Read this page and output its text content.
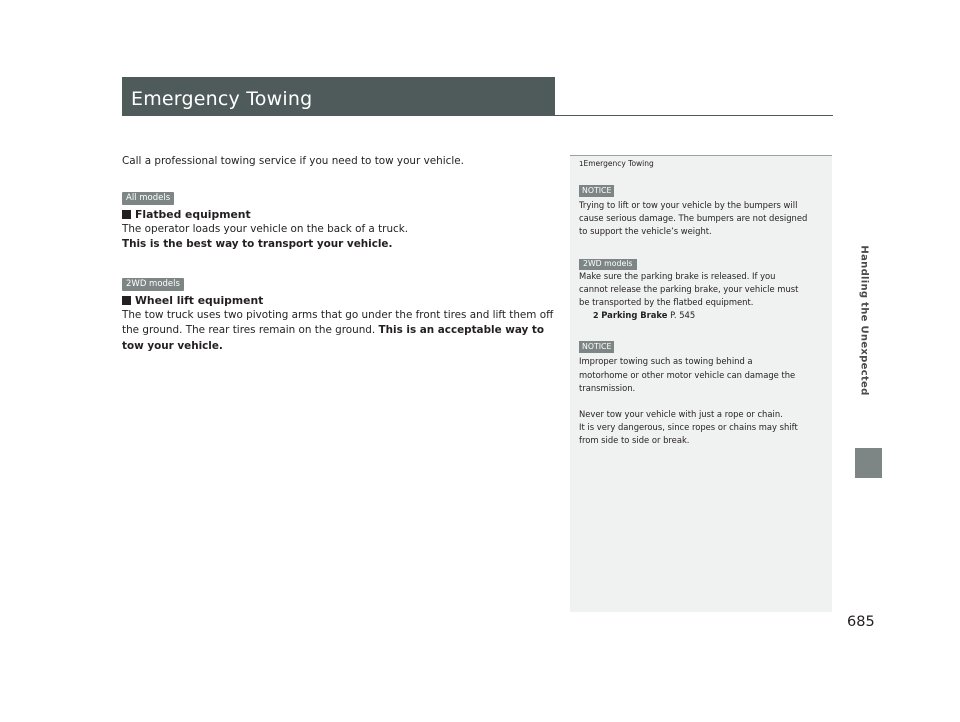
Emergency Towing
Handling the Unexpected

Call a professional towing service if you need to tow your vehicle.

All models

Flatbed equipment

The operator loads your vehicle on the back of a truck.

This is the best way to transport your vehicle.

2WD models

Wheel lift equipment

The tow truck uses two pivoting arms that go under the front tires and lift them off

the ground. The rear tires remain on the ground. This is an acceptable way to

tow your vehicle.

1Emergency Towing
NOTICE

Trying to lift or tow your vehicle by the bumpers will

cause serious damage. The bumpers are not designed

to support the vehicle’s weight.

2WD models

Make sure the parking brake is released. If you

cannot release the parking brake, your vehicle must

be transported by the flatbed equipment.

2 Parking Brake P. 545

NOTICE

Improper towing such as towing behind a

motorhome or other motor vehicle can damage the

transmission.

Never tow your vehicle with just a rope or chain.

It is very dangerous, since ropes or chains may shift

from side to side or break.

685
